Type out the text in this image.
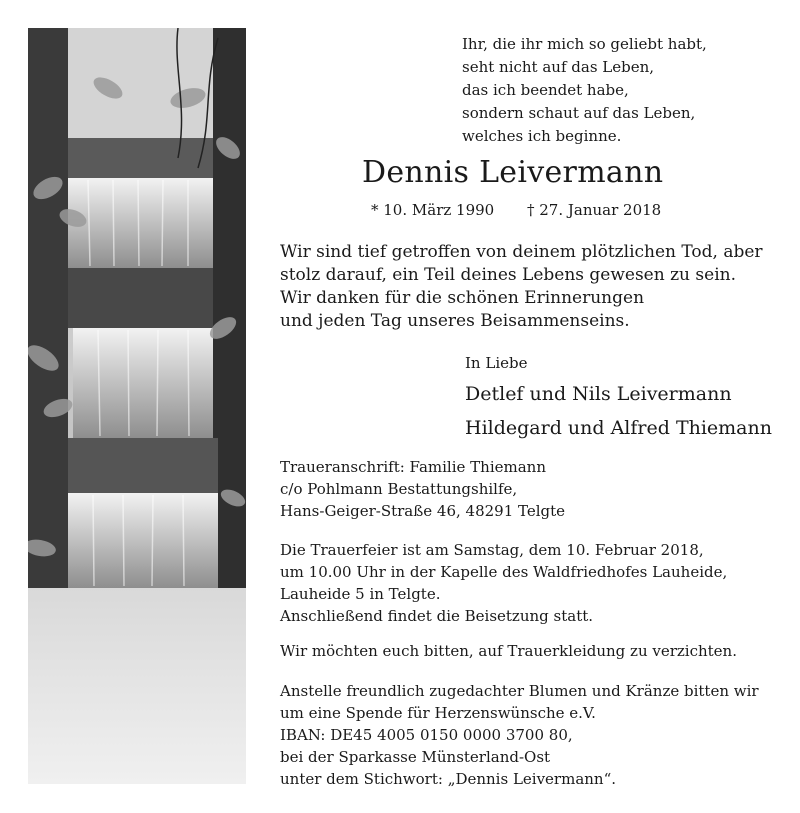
Ihr, die ihr mich so geliebt habt,
seht nicht auf das Leben,
das ich beendet habe,
sondern schaut auf das Leben,
welches ich beginne.
Dennis Leivermann
* 10. März 1990 † 27. Januar 2018
Wir sind tief getroffen von deinem plötzlichen Tod, aber
stolz darauf, ein Teil deines Lebens gewesen zu sein.
Wir danken für die schönen Erinnerungen
und jeden Tag unseres Beisammenseins.
In Liebe
Detlef und Nils Leivermann
Hildegard und Alfred Thiemann
Traueranschrift: Familie Thiemann
c/o Pohlmann Bestattungshilfe,
Hans-Geiger-Straße 46, 48291 Telgte
Die Trauerfeier ist am Samstag, dem 10. Februar 2018,
um 10.00 Uhr in der Kapelle des Waldfriedhofes Lauheide,
Lauheide 5 in Telgte.
Anschließend findet die Beisetzung statt.
Wir möchten euch bitten, auf Trauerkleidung zu verzichten.
Anstelle freundlich zugedachter Blumen und Kränze bitten wir
um eine Spende für Herzenswünsche e.V.
IBAN: DE45 4005 0150 0000 3700 80,
bei der Sparkasse Münsterland-Ost
unter dem Stichwort: „Dennis Leivermann“.
